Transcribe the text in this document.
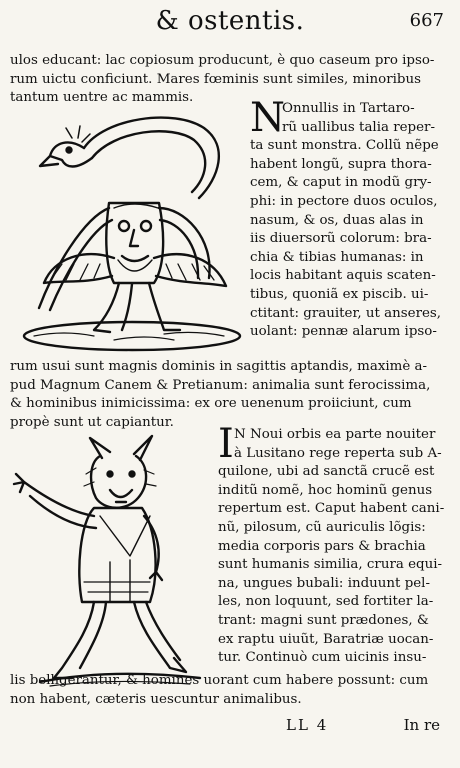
& ostentis.	667
ulos educant: lac copiosum producunt, è quo caseum pro ipso-
rum uictu conficiunt. Mares fœminis sunt similes, minoribus
tantum uentre ac mammis.	N
Onnullis in Tartaro-
rũ uallibus talia reper-
ta sunt monstra. Collũ nẽpe
habent longũ, supra thora-
cem, & caput in modũ gry-
phi: in pectore duos oculos,
nasum, & os, duas alas in
iis diuersorũ colorum: bra-
chia & tibias humanas: in
locis habitant aquis scaten-
tibus, quoniã ex piscib. ui-
ctitant: grauiter, ut anseres,
uolant: pennæ alarum ipso-
rum usui sunt magnis dominis in sagittis aptandis, maximè a-
pud Magnum Canem & Pretianum: animalia sunt ferocissima,
& hominibus inimicissima: ex ore uenenum proiiciunt, cum
propè sunt ut capiantur.	I N Noui orbis ea parte nouiter
à Lusitano rege reperta sub A-
quilone, ubi ad sanctã crucẽ est
inditũ nomẽ, hoc hominũ genus
repertum est. Caput habent cani-
nũ, pilosum, cũ auriculis lõgis:
media corporis pars & brachia
sunt humanis similia, crura equi-
na, ungues bubali: induunt pel-
les, non loquunt, sed fortiter la-
trant: magni sunt prædones, &
ex raptu uiuũt, Baratriæ uocan-
tur. Continuò cum uicinis insu-
lis belligerantur, & homines uorant cum habere possunt: cum
non habent, cæteris uescuntur animalibus.
LL 4	In re
